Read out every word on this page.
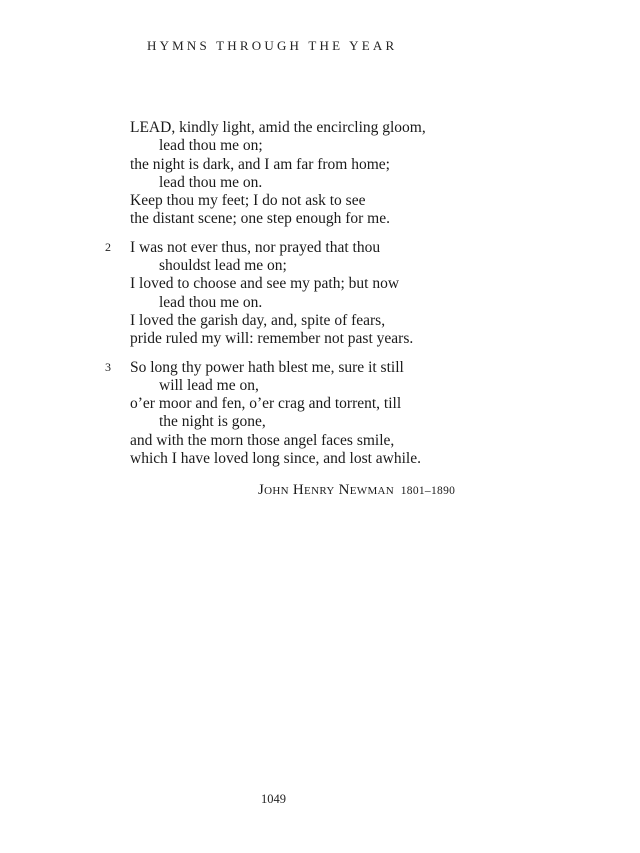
HYMNS THROUGH THE YEAR
LEAD, kindly light, amid the encircling gloom,
lead thou me on;
the night is dark, and I am far from home;
lead thou me on.
Keep thou my feet; I do not ask to see
the distant scene; one step enough for me.
2 I was not ever thus, nor prayed that thou
shouldst lead me on;
I loved to choose and see my path; but now
lead thou me on.
I loved the garish day, and, spite of fears,
pride ruled my will: remember not past years.
3 So long thy power hath blest me, sure it still
will lead me on,
o’er moor and fen, o’er crag and torrent, till
the night is gone,
and with the morn those angel faces smile,
which I have loved long since, and lost awhile.
John Henry Newman 1801–1890
1049
